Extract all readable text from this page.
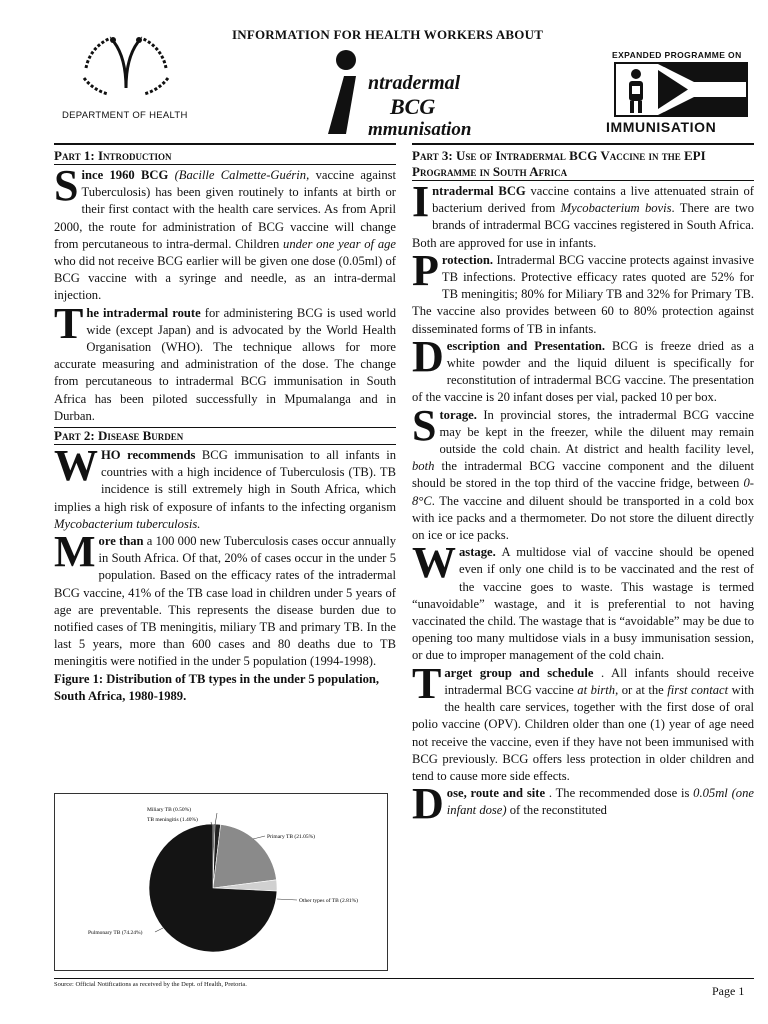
INFORMATION FOR HEALTH WORKERS ABOUT
DEPARTMENT OF HEALTH
ntradermal
BCG
mmunisation
EXPANDED PROGRAMME ON
IMMUNISATION
Part 1: Introduction

Since 1960 BCG (Bacille Calmette-Guérin, vaccine against Tuberculosis) has been given routinely to infants at birth or their first contact with the health care services. As from April 2000, the route for administration of BCG vaccine will change from percutaneous to intra-dermal. Children under one year of age who did not receive BCG earlier will be given one dose (0.05ml) of BCG vaccine with a syringe and needle, as an intra-dermal injection.

The intradermal route for administering BCG is used world wide (except Japan) and is advocated by the World Health Organisation (WHO). The technique allows for more accurate measuring and administration of the dose. The change from percutaneous to intradermal BCG immunisation in South Africa has been piloted successfully in Mpumalanga and in Durban.

Part 2: Disease Burden

WHO recommends BCG immunisation to all infants in countries with a high incidence of Tuberculosis (TB). TB incidence is still extremely high in South Africa, which implies a high risk of exposure of infants to the infecting organism Mycobacterium tuberculosis.

More than a 100 000 new Tuberculosis cases occur annually in South Africa. Of that, 20% of cases occur in the under 5 population. Based on the efficacy rates of the intradermal BCG vaccine, 41% of the TB case load in children under 5 years of age are preventable. This represents the disease burden due to notified cases of TB meningitis, miliary TB and primary TB. In the last 5 years, more than 600 cases and 80 deaths due to TB meningitis were notified in the under 5 population (1994-1998).

Figure 1: Distribution of TB types in the under 5 population, South Africa, 1980-1989.

Miliary TB (0.50%)
TB meningitis (1.40%)
Primary TB (21.05%)
Other types of TB (2.81%)
Pulmonary TB (74.24%)
Part 3: Use of Intradermal BCG Vaccine in the EPI Programme in South Africa

Intradermal BCG vaccine contains a live attenuated strain of bacterium derived from Mycobacterium bovis. There are two brands of intradermal BCG vaccines registered in South Africa. Both are approved for use in infants.

Protection. Intradermal BCG vaccine protects against invasive TB infections. Protective efficacy rates quoted are 52% for TB meningitis; 80% for Miliary TB and 32% for Primary TB. The vaccine also provides between 60 to 80% protection against disseminated forms of TB in infants.

Description and Presentation. BCG is freeze dried as a white powder and the liquid diluent is specifically for reconstitution of intradermal BCG vaccine. The presentation of the vaccine is 20 infant doses per vial, packed 10 per box.

Storage. In provincial stores, the intradermal BCG vaccine may be kept in the freezer, while the diluent may remain outside the cold chain. At district and health facility level, both the intradermal BCG vaccine component and the diluent should be stored in the top third of the vaccine fridge, between 0-8°C. The vaccine and diluent should be transported in a cold box with ice packs and a thermometer. Do not store the diluent directly on ice or ice packs.

Wastage. A multidose vial of vaccine should be opened even if only one child is to be vaccinated and the rest of the vaccine goes to waste. This wastage is termed “unavoidable” wastage, and it is preferential to not having vaccinated the child. The wastage that is “avoidable” may be due to opening too many multidose vials in a busy immunisation session, or due to improper management of the cold chain.

Target group and schedule . All infants should receive intradermal BCG vaccine at birth, or at the first contact with the health care services, together with the first dose of oral polio vaccine (OPV). Children older than one (1) year of age need not receive the vaccine, even if they have not been immunised with BCG previously. BCG offers less protection in older children and tend to cause more side effects.

Dose, route and site . The recommended dose is 0.05ml (one infant dose) of the reconstituted

Source: Official Notifications as received by the Dept. of Health, Pretoria.	Page 1
